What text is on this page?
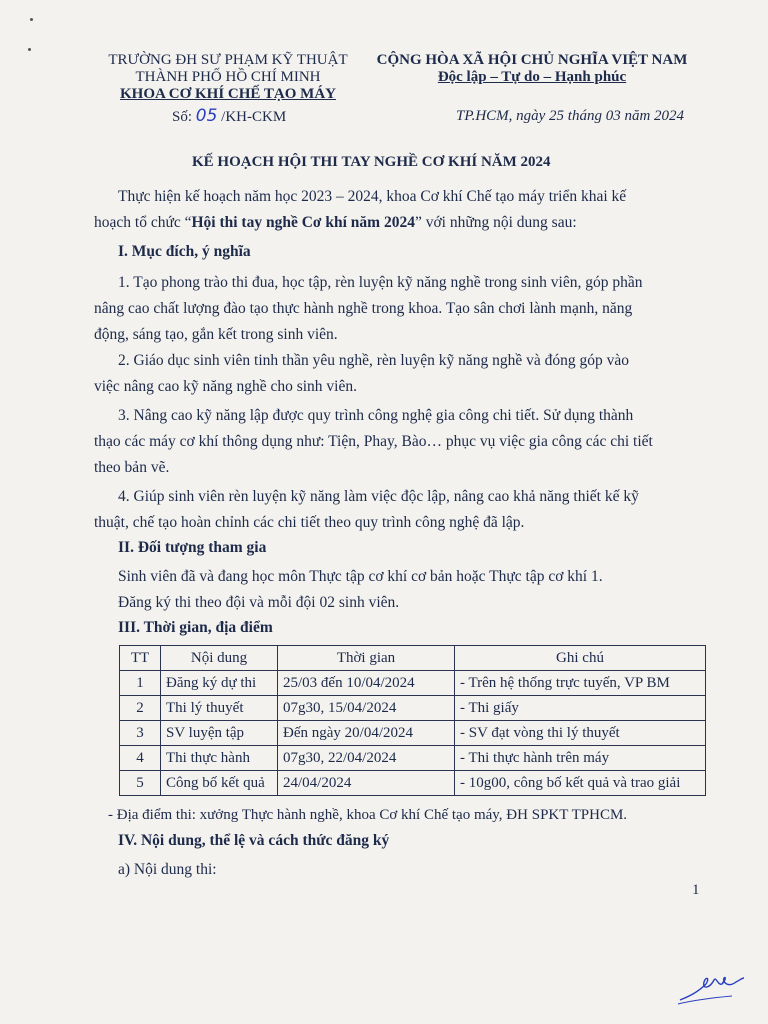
TRƯỜNG ĐH SƯ PHẠM KỸ THUẬT
THÀNH PHỐ HỒ CHÍ MINH
KHOA CƠ KHÍ CHẾ TẠO MÁY
Số: 05 /KH-CKM
CỘNG HÒA XÃ HỘI CHỦ NGHĨA VIỆT NAM
Độc lập – Tự do – Hạnh phúc
TP.HCM, ngày 25 tháng 03 năm 2024
KẾ HOẠCH HỘI THI TAY NGHỀ CƠ KHÍ NĂM 2024
Thực hiện kế hoạch năm học 2023 – 2024, khoa Cơ khí Chế tạo máy triển khai kế
hoạch tổ chức “Hội thi tay nghề Cơ khí năm 2024” với những nội dung sau:
I. Mục đích, ý nghĩa
1. Tạo phong trào thi đua, học tập, rèn luyện kỹ năng nghề trong sinh viên, góp phần
nâng cao chất lượng đào tạo thực hành nghề trong khoa. Tạo sân chơi lành mạnh, năng
động, sáng tạo, gắn kết trong sinh viên.
2. Giáo dục sinh viên tinh thần yêu nghề, rèn luyện kỹ năng nghề và đóng góp vào
việc nâng cao kỹ năng nghề cho sinh viên.
3. Nâng cao kỹ năng lập được quy trình công nghệ gia công chi tiết. Sử dụng thành
thạo các máy cơ khí thông dụng như: Tiện, Phay, Bào… phục vụ việc gia công các chi tiết
theo bản vẽ.
4. Giúp sinh viên rèn luyện kỹ năng làm việc độc lập, nâng cao khả năng thiết kế kỹ
thuật, chế tạo hoàn chỉnh các chi tiết theo quy trình công nghệ đã lập.
II. Đối tượng tham gia
Sinh viên đã và đang học môn Thực tập cơ khí cơ bản hoặc Thực tập cơ khí 1.
Đăng ký thi theo đội và mỗi đội 02 sinh viên.
III. Thời gian, địa điểm
TT	Nội dung	Thời gian	Ghi chú
1	Đăng ký dự thi	25/03 đến 10/04/2024	- Trên hệ thống trực tuyến, VP BM
2	Thi lý thuyết	07g30, 15/04/2024	- Thi giấy
3	SV luyện tập	Đến ngày 20/04/2024	- SV đạt vòng thi lý thuyết
4	Thi thực hành	07g30, 22/04/2024	- Thi thực hành trên máy
5	Công bố kết quả	24/04/2024	- 10g00, công bố kết quả và trao giải
- Địa điểm thi: xưởng Thực hành nghề, khoa Cơ khí Chế tạo máy, ĐH SPKT TPHCM.
IV. Nội dung, thể lệ và cách thức đăng ký
a) Nội dung thi:
1
